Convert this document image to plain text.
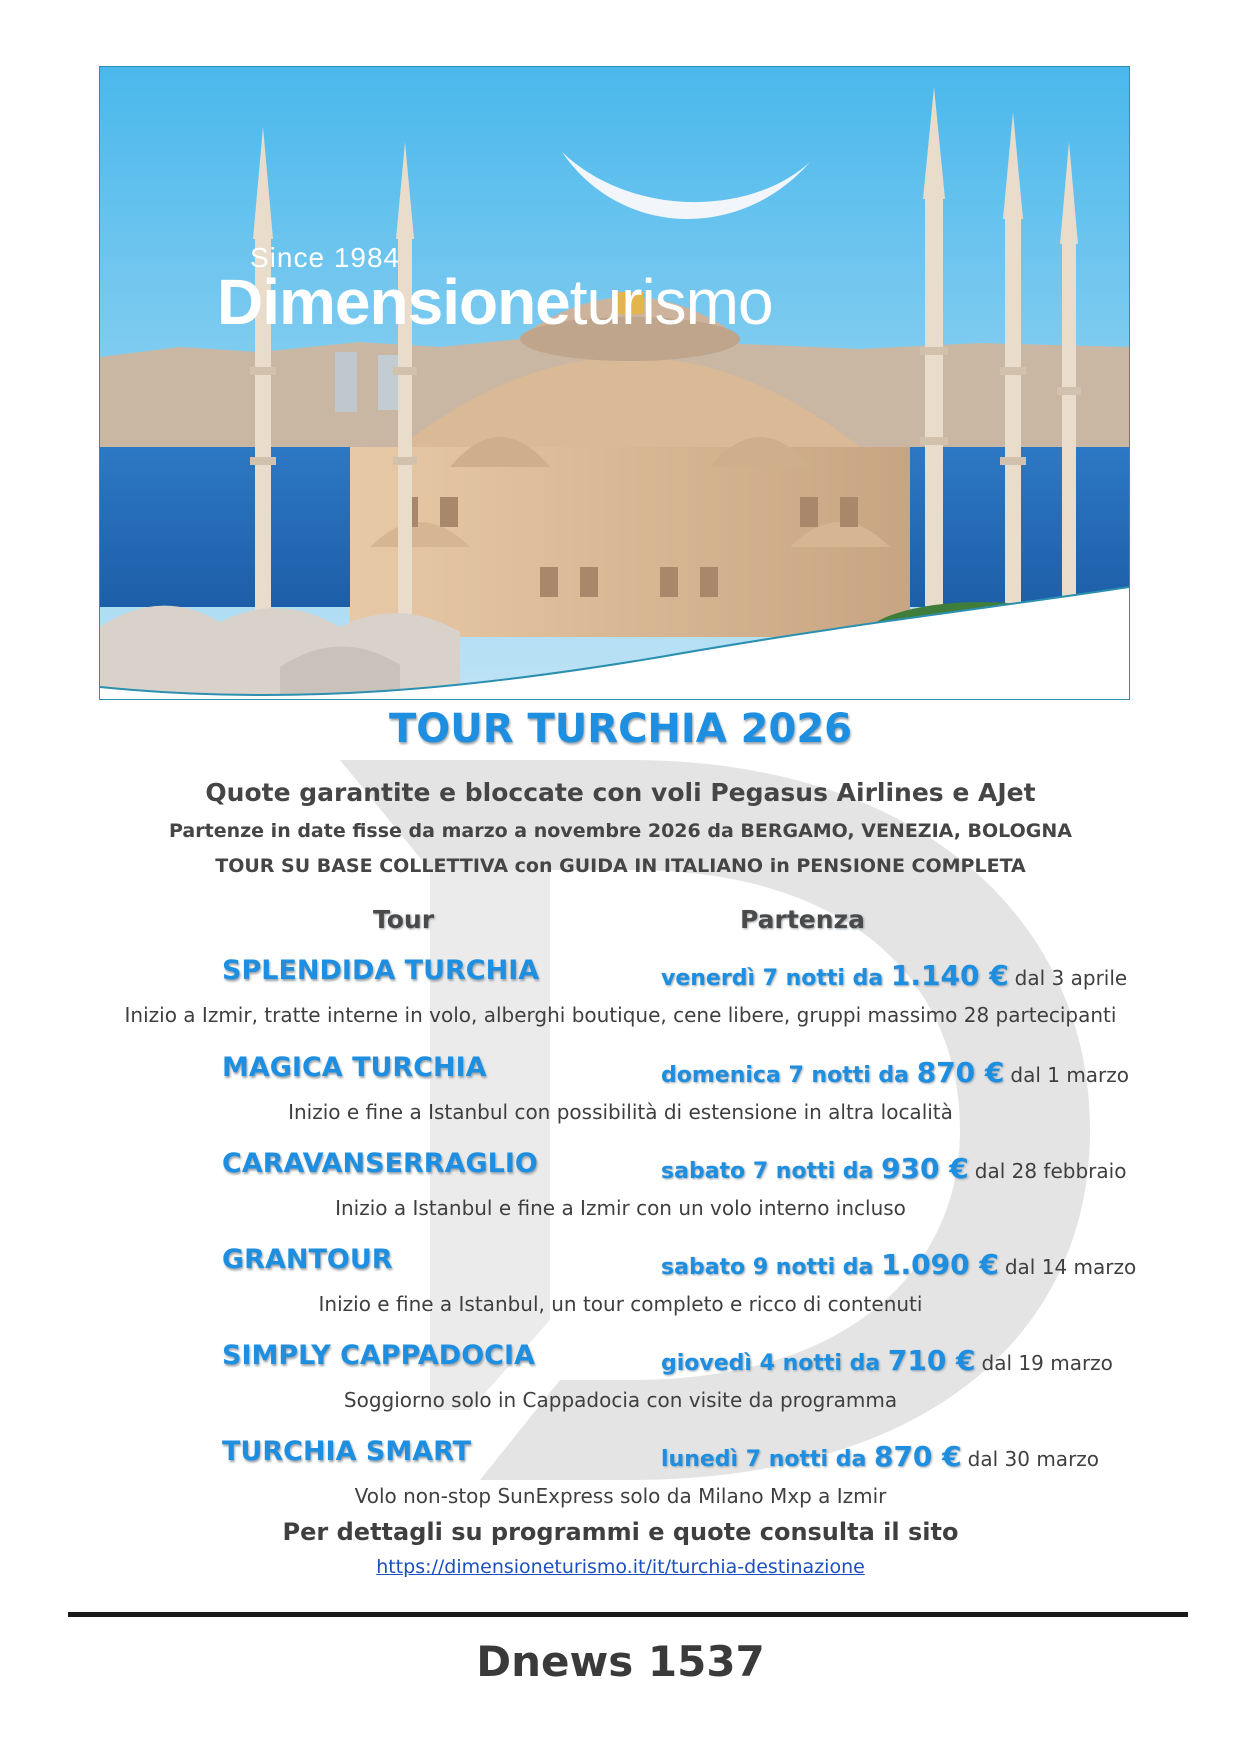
Since 1984
Dimensioneturismo
TOUR TURCHIA 2026
Quote garantite e bloccate con voli Pegasus Airlines e AJet
Partenze in date fisse da marzo a novembre 2026 da BERGAMO, VENEZIA, BOLOGNA
TOUR SU BASE COLLETTIVA con GUIDA IN ITALIANO in PENSIONE COMPLETA
Tour	Partenza
SPLENDIDA TURCHIA	venerdì 7 notti da 1.140 € dal 3 aprile
Inizio a Izmir, tratte interne in volo, alberghi boutique, cene libere, gruppi massimo 28 partecipanti
MAGICA TURCHIA	domenica 7 notti da 870 € dal 1 marzo
Inizio e fine a Istanbul con possibilità di estensione in altra località
CARAVANSERRAGLIO	sabato 7 notti da 930 € dal 28 febbraio
Inizio a Istanbul e fine a Izmir con un volo interno incluso
GRANTOUR	sabato 9 notti da 1.090 € dal 14 marzo
Inizio e fine a Istanbul, un tour completo e ricco di contenuti
SIMPLY CAPPADOCIA	giovedì 4 notti da 710 € dal 19 marzo
Soggiorno solo in Cappadocia con visite da programma
TURCHIA SMART	lunedì 7 notti da 870 € dal 30 marzo
Volo non-stop SunExpress solo da Milano Mxp a Izmir
Per dettagli su programmi e quote consulta il sito
https://dimensioneturismo.it/it/turchia-destinazione
Dnews 1537
